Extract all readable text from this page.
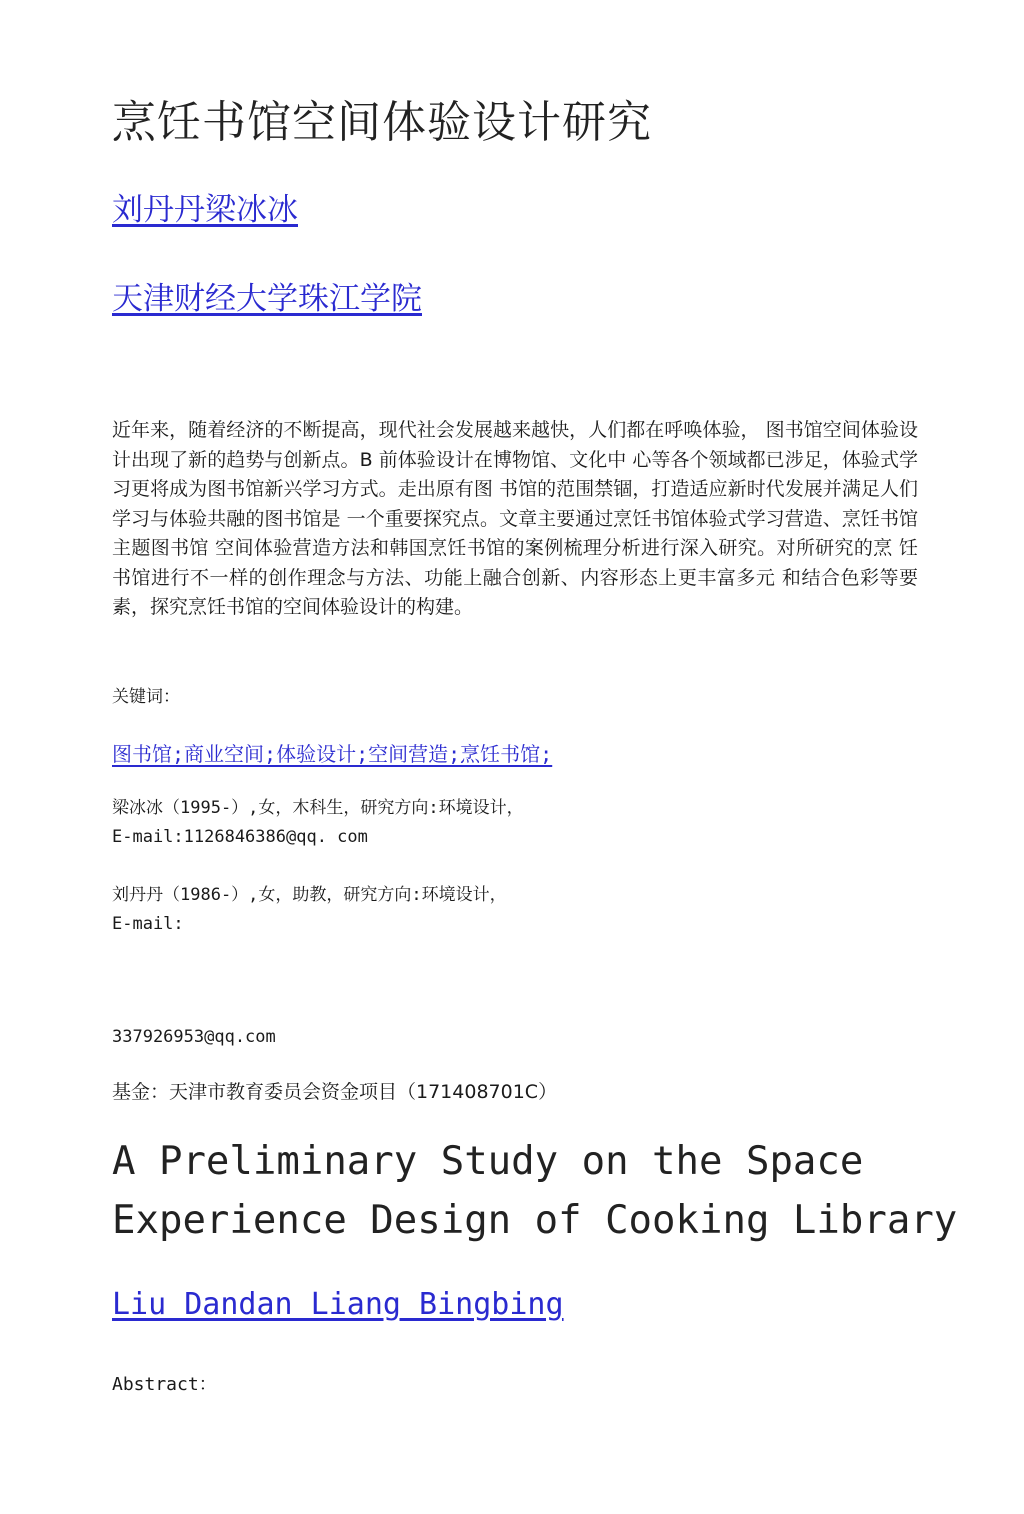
烹饪书馆空间体验设计研究
刘丹丹梁冰冰
天津财经大学珠江学院

近年来，随着经济的不断提高，现代社会发展越来越快，人们都在呼唤体验， 图书馆空间体验设计出现了新的趋势与创新点。B 前体验设计在博物馆、文化中 心等各个领域都已涉足，体验式学习更将成为图书馆新兴学习方式。走出原有图 书馆的范围禁锢，打造适应新时代发展并满足人们学习与体验共融的图书馆是 一个重要探究点。文章主要通过烹饪书馆体验式学习营造、烹饪书馆主题图书馆 空间体验营造方法和韩国烹饪书馆的案例梳理分析进行深入研究。对所研究的烹 饪书馆进行不一样的创作理念与方法、功能上融合创新、内容形态上更丰富多元 和结合色彩等要素，探究烹饪书馆的空间体验设计的构建。

关键词：
图书馆;商业空间;体验设计;空间营造;烹饪书馆;
梁冰冰（1995-）,女，木科生，研究方向:环境设计，
E-mail:1126846386@qq. com
刘丹丹（1986-）,女，助教，研究方向:环境设计，
E-mail:
337926953@qq.com
基金：天津市教育委员会资金项目（171408701C）
A Preliminary Study on the Space
Experience Design of Cooking Library
Liu Dandan Liang Bingbing
Abstract：
